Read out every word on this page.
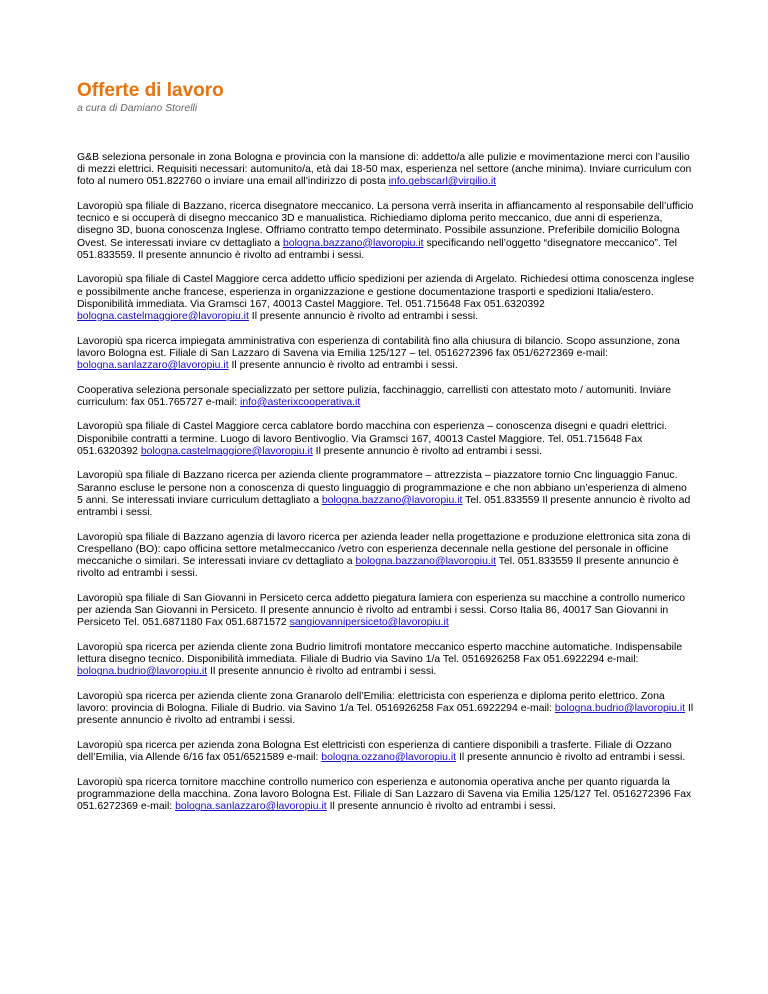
Offerte di lavoro

a cura di Damiano Storelli

G&B seleziona personale in zona Bologna e provincia con la mansione di: addetto/a alle pulizie e movimentazione merci con l’ausilio di mezzi elettrici. Requisiti necessari: automunito/a, età dai 18-50 max, esperienza nel settore (anche minima). Inviare curriculum con foto al numero 051.822760 o inviare una email all’indirizzo di posta info.gebscarl@virgilio.it

Lavoropiù spa filiale di Bazzano, ricerca disegnatore meccanico. La persona verrà inserita in affiancamento al responsabile dell’ufficio tecnico e si occuperà di disegno meccanico 3D e manualistica. Richiediamo diploma perito meccanico, due anni di esperienza, disegno 3D, buona conoscenza Inglese. Offriamo contratto tempo determinato. Possibile assunzione. Preferibile domicilio Bologna Ovest. Se interessati inviare cv dettagliato a bologna.bazzano@lavoropiu.it specificando nell’oggetto “disegnatore meccanico”. Tel 051.833559. Il presente annuncio è rivolto ad entrambi i sessi.

Lavoropiù spa filiale di Castel Maggiore cerca addetto ufficio spedizioni per azienda di Argelato. Richiedesi ottima conoscenza inglese e possibilmente anche francese, esperienza in organizzazione e gestione documentazione trasporti e spedizioni Italia/estero. Disponibilità immediata. Via Gramsci 167, 40013 Castel Maggiore. Tel. 051.715648 Fax 051.6320392 bologna.castelmaggiore@lavoropiu.it Il presente annuncio è rivolto ad entrambi i sessi.

Lavoropiù spa ricerca impiegata amministrativa con esperienza di contabilità fino alla chiusura di bilancio. Scopo assunzione, zona lavoro Bologna est. Filiale di San Lazzaro di Savena via Emilia 125/127 – tel. 0516272396 fax 051/6272369 e-mail: bologna.sanlazzaro@lavoropiu.it Il presente annuncio è rivolto ad entrambi i sessi.

Cooperativa seleziona personale specializzato per settore pulizia, facchinaggio, carrellisti con attestato moto / automuniti. Inviare curriculum: fax 051.765727 e-mail: info@asterixcooperativa.it

Lavoropiù spa filiale di Castel Maggiore cerca cablatore bordo macchina con esperienza – conoscenza disegni e quadri elettrici. Disponibile contratti a termine. Luogo di lavoro Bentivoglio. Via Gramsci 167, 40013 Castel Maggiore. Tel. 051.715648 Fax 051.6320392 bologna.castelmaggiore@lavoropiu.it Il presente annuncio è rivolto ad entrambi i sessi.

Lavoropiù spa filiale di Bazzano ricerca per azienda cliente programmatore – attrezzista – piazzatore tornio Cnc linguaggio Fanuc. Saranno escluse le persone non a conoscenza di questo linguaggio di programmazione e che non abbiano un’esperienza di almeno 5 anni. Se interessati inviare curriculum dettagliato a bologna.bazzano@lavoropiu.it Tel. 051.833559 Il presente annuncio è rivolto ad entrambi i sessi.

Lavoropiù spa filiale di Bazzano agenzia di lavoro ricerca per azienda leader nella progettazione e produzione elettronica sita zona di Crespellano (BO): capo officina settore metalmeccanico /vetro con esperienza decennale nella gestione del personale in officine meccaniche o similari. Se interessati inviare cv dettagliato a bologna.bazzano@lavoropiu.it Tel. 051.833559 Il presente annuncio è rivolto ad entrambi i sessi.

Lavoropiù spa filiale di San Giovanni in Persiceto cerca addetto piegatura lamiera con esperienza su macchine a controllo numerico per azienda San Giovanni in Persiceto. Il presente annuncio è rivolto ad entrambi i sessi. Corso Italia 86, 40017 San Giovanni in Persiceto Tel. 051.6871180 Fax 051.6871572 sangiovannipersiceto@lavoropiu.it

Lavoropiù spa ricerca per azienda cliente zona Budrio limitrofi montatore meccanico esperto macchine automatiche. Indispensabile lettura disegno tecnico. Disponibilità immediata. Filiale di Budrio via Savino 1/a Tel. 0516926258 Fax 051.6922294 e-mail: bologna.budrio@lavoropiu.it Il presente annuncio è rivolto ad entrambi i sessi.

Lavoropiù spa ricerca per azienda cliente zona Granarolo dell’Emilia: elettricista con esperienza e diploma perito elettrico. Zona lavoro: provincia di Bologna. Filiale di Budrio. via Savino 1/a Tel. 0516926258 Fax 051.6922294 e-mail: bologna.budrio@lavoropiu.it Il presente annuncio è rivolto ad entrambi i sessi.

Lavoropiù spa ricerca per azienda zona Bologna Est elettricisti con esperienza di cantiere disponibili a trasferte. Filiale di Ozzano dell’Emilia, via Allende 6/16 fax 051/6521589 e-mail: bologna.ozzano@lavoropiu.it Il presente annuncio è rivolto ad entrambi i sessi.

Lavoropiù spa ricerca tornitore macchine controllo numerico con esperienza e autonomia operativa anche per quanto riguarda la programmazione della macchina. Zona lavoro Bologna Est. Filiale di San Lazzaro di Savena via Emilia 125/127 Tel. 0516272396 Fax 051.6272369 e-mail: bologna.sanlazzaro@lavoropiu.it Il presente annuncio è rivolto ad entrambi i sessi.
